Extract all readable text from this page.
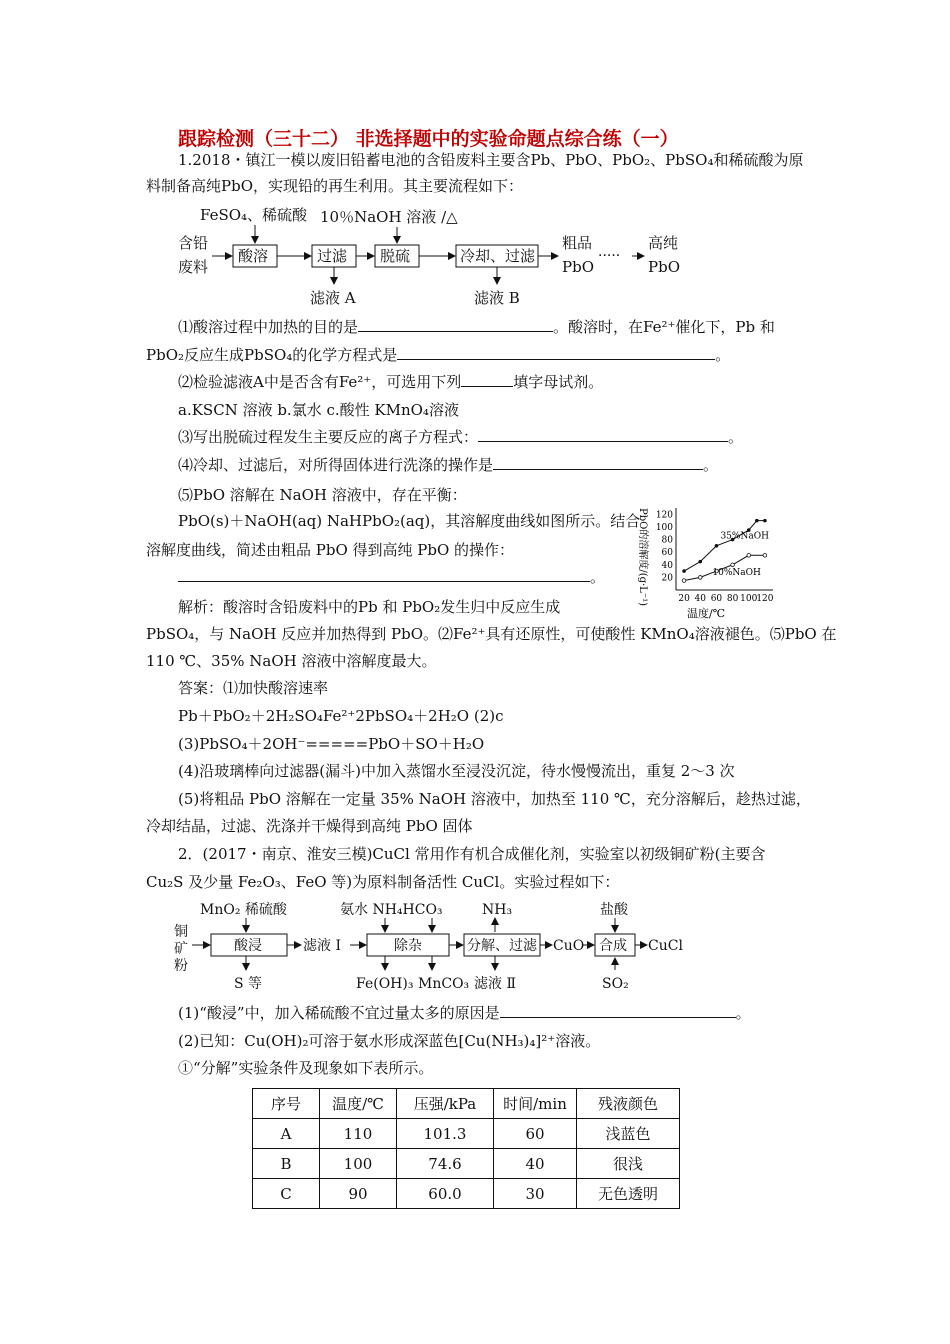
跟踪检测（三十二） 非选择题中的实验命题点综合练（一）
1.2018・镇江一模以废旧铅蓄电池的含铅废料主要含Pb、PbO、PbO₂、PbSO₄和稀硫酸为原
料制备高纯PbO，实现铅的再生利用。其主要流程如下：
FeSO₄、稀硫酸 10％NaOH 溶液 /△
含铅
废料
酸溶	过滤
滤液 A
脱硫	冷却、过滤
滤液 B
粗品
PbO
·····
高纯
PbO
⑴酸溶过程中加热的目的是	。酸溶时，在Fe²⁺催化下，Pb 和
PbO₂反应生成PbSO₄的化学方程式是	。
⑵检验滤液A中是否含有Fe²⁺，可选用下列	填字母试剂。
a.KSCN 溶液 b.氯水 c.酸性 KMnO₄溶液
⑶写出脱硫过程发生主要反应的离子方程式：	。
⑷冷却、过滤后，对所得固体进行洗涤的操作是	。
⑸PbO 溶解在 NaOH 溶液中，存在平衡：
PbO(s)＋NaOH(aq) NaHPbO₂(aq)，其溶解度曲线如图所示。结合
溶解度曲线，简述由粗品 PbO 得到高纯 PbO 的操作：
。	PbO的溶解度/(g·L⁻¹)
温度/℃
20 40 60 80 100
120
20
40
60
80
100
120
35%NaOH
10%NaOH
解析：酸溶时含铅废料中的Pb 和 PbO₂发生归中反应生成
PbSO₄，与 NaOH 反应并加热得到 PbO。⑵Fe²⁺具有还原性，可使酸性 KMnO₄溶液褪色。⑸PbO 在
110 ℃、35% NaOH 溶液中溶解度最大。
答案：⑴加快酸溶速率
Pb＋PbO₂＋2H₂SO₄Fe²⁺2PbSO₄＋2H₂O (2)c
(3)PbSO₄＋2OH⁻=====PbO＋SO＋H₂O
(4)沿玻璃棒向过滤器(漏斗)中加入蒸馏水至浸没沉淀，待水慢慢流出，重复 2～3 次
(5)将粗品 PbO 溶解在一定量 35% NaOH 溶液中，加热至 110 ℃，充分溶解后，趁热过滤，
冷却结晶，过滤、洗涤并干燥得到高纯 PbO 固体
2．(2017・南京、淮安三模)CuCl 常用作有机合成催化剂，实验室以初级铜矿粉(主要含
Cu₂S 及少量 Fe₂O₃、FeO 等)为原料制备活性 CuCl。实验过程如下：
MnO₂ 稀硫酸	氨水 NH₄HCO₃	NH₃	盐酸
铜
矿
粉
酸浸
S 等
滤液 Ⅰ	除杂
Fe(OH)₃ MnCO₃
分解、过滤
滤液 Ⅱ
CuO 合成
SO₂
CuCl
(1)“酸浸”中，加入稀硫酸不宜过量太多的原因是	。
(2)已知：Cu(OH)₂可溶于氨水形成深蓝色[Cu(NH₃)₄]²⁺溶液。
①“分解”实验条件及现象如下表所示。
序号	温度/℃	压强/kPa	时间/min	残液颜色
A	110	101.3	60	浅蓝色
B	100	74.6	40	很浅
C	90	60.0	30	无色透明
